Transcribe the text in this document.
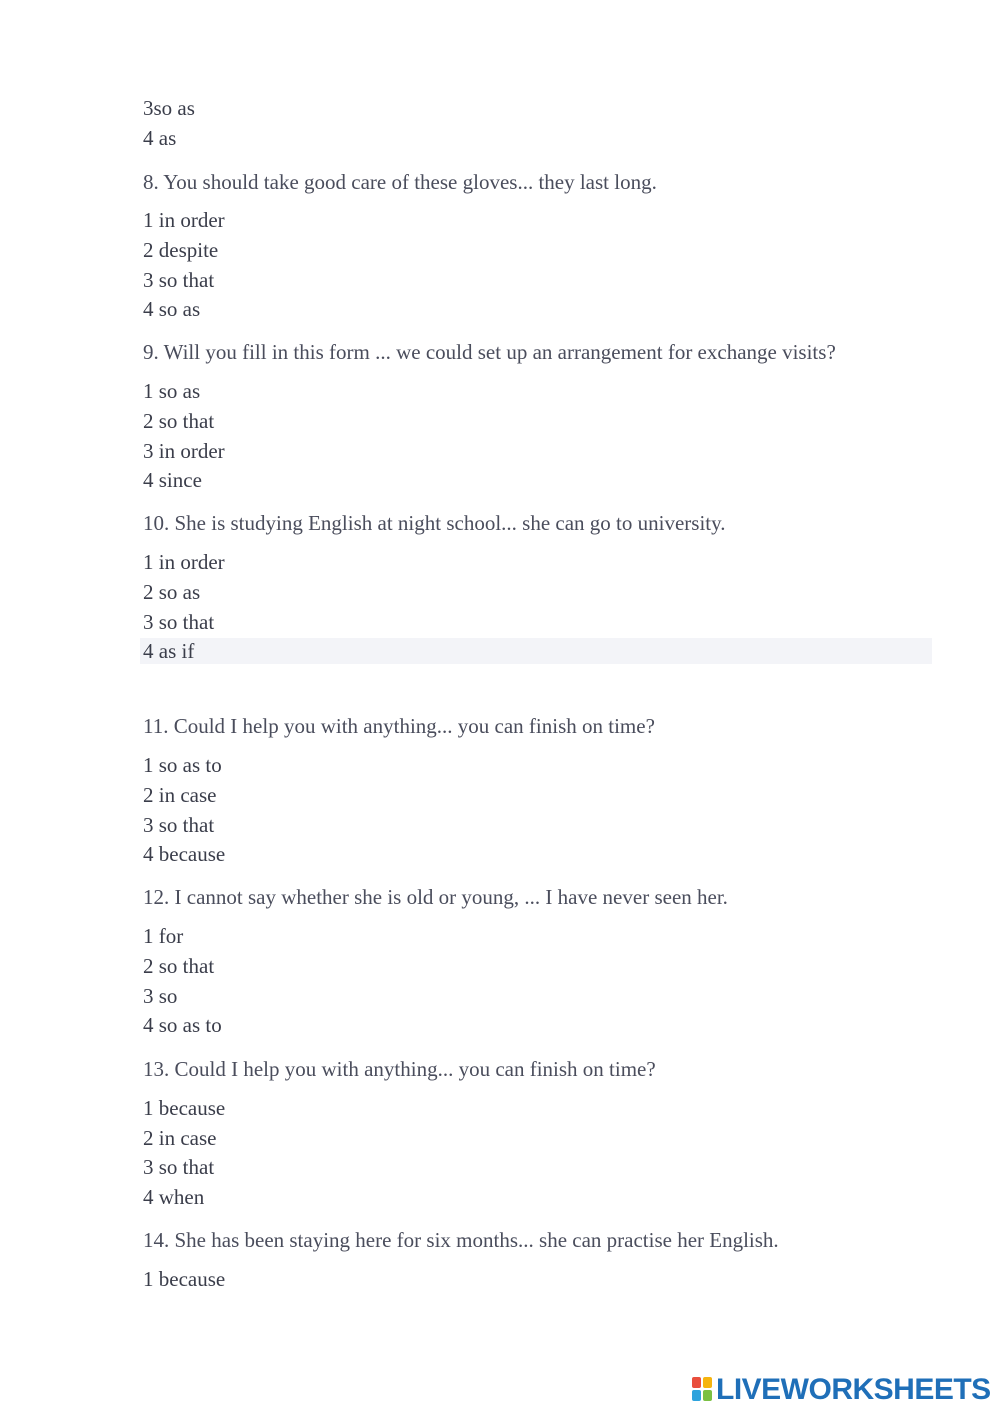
3so as
4 as
8. You should take good care of these gloves... they last long.
1 in order
2 despite
3 so that
4 so as
9. Will you fill in this form ... we could set up an arrangement for exchange visits?
1 so as
2 so that
3 in order
4 since
10. She is studying English at night school... she can go to university.
1 in order
2 so as
3 so that
4 as if
11. Could I help you with anything... you can finish on time?
1 so as to
2 in case
3 so that
4 because
12. I cannot say whether she is old or young, ... I have never seen her.
1 for
2 so that
3 so
4 so as to
13. Could I help you with anything... you can finish on time?
1 because
2 in case
3 so that
4 when
14. She has been staying here for six months... she can practise her English.
1 because
LIVEWORKSHEETS
